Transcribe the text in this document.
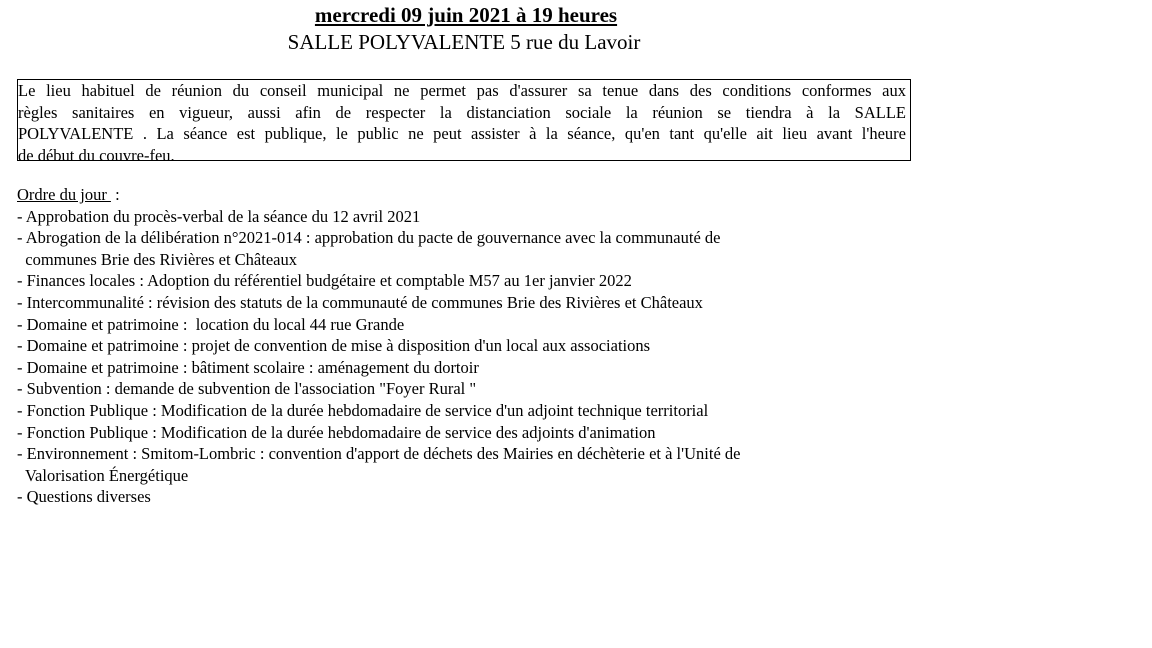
mercredi 09 juin 2021 à 19 heures
SALLE POLYVALENTE 5 rue du Lavoir
Le lieu habituel de réunion du conseil municipal ne permet pas d'assurer sa tenue dans des conditions conformes aux
règles sanitaires en vigueur, aussi afin de respecter la distanciation sociale la réunion se tiendra à la SALLE
POLYVALENTE . La séance est publique, le public ne peut assister à la séance, qu'en tant qu'elle ait lieu avant l'heure
de début du couvre-feu.
Ordre du jour  :
- Approbation du procès-verbal de la séance du 12 avril 2021
- Abrogation de la délibération n°2021-014 : approbation du pacte de gouvernance avec la communauté de
communes Brie des Rivières et Châteaux
- Finances locales : Adoption du référentiel budgétaire et comptable M57 au 1er janvier 2022
- Intercommunalité : révision des statuts de la communauté de communes Brie des Rivières et Châteaux
- Domaine et patrimoine :  location du local 44 rue Grande
- Domaine et patrimoine : projet de convention de mise à disposition d'un local aux associations
- Domaine et patrimoine : bâtiment scolaire : aménagement du dortoir
- Subvention : demande de subvention de l'association "Foyer Rural "
- Fonction Publique : Modification de la durée hebdomadaire de service d'un adjoint technique territorial
- Fonction Publique : Modification de la durée hebdomadaire de service des adjoints d'animation
- Environnement : Smitom-Lombric : convention d'apport de déchets des Mairies en déchèterie et à l'Unité de
Valorisation Énergétique
- Questions diverses
